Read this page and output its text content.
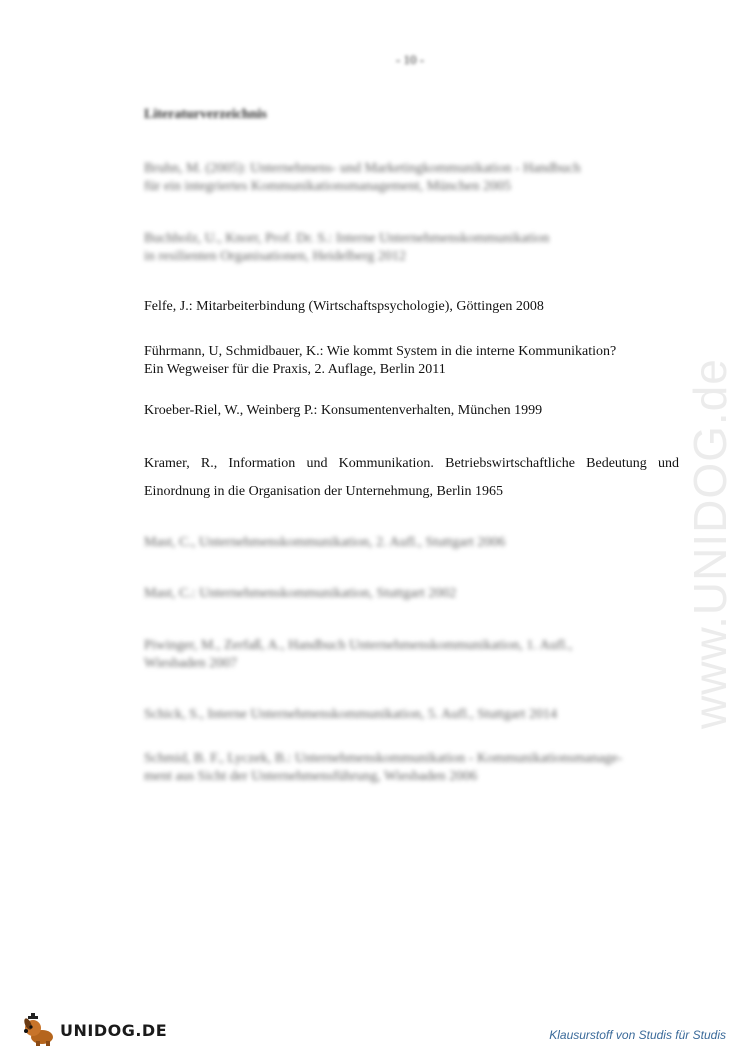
- 10 -
Literaturverzeichnis
Bruhn, M. (2005): Unternehmens- und Marketingkommunikation - Handbuch
für ein integriertes Kommunikationsmanagement, München 2005
Buchholz, U., Knorr, Prof. Dr. S.: Interne Unternehmenskommunikation
in resilienten Organisationen, Heidelberg 2012
Felfe, J.: Mitarbeiterbindung (Wirtschaftspsychologie), Göttingen 2008
Führmann, U, Schmidbauer, K.: Wie kommt System in die interne Kommunikation?
Ein Wegweiser für die Praxis, 2. Auflage, Berlin 2011
Kroeber-Riel, W., Weinberg P.: Konsumentenverhalten, München 1999
Kramer, R., Information und Kommunikation. Betriebswirtschaftliche Bedeutung und
Einordnung in die Organisation der Unternehmung, Berlin 1965
Mast, C., Unternehmenskommunikation, 2. Aufl., Stuttgart 2006
Mast, C.: Unternehmenskommunikation, Stuttgart 2002
Piwinger, M., Zerfaß, A., Handbuch Unternehmenskommunikation, 1. Aufl.,
Wiesbaden 2007
Schick, S., Interne Unternehmenskommunikation, 5. Aufl., Stuttgart 2014
Schmid, B. F., Lyczek, B.: Unternehmenskommunikation - Kommunikationsmanage-
ment aus Sicht der Unternehmensführung, Wiesbaden 2006
www.UNIDOG.de
UNIDOG.DE	Klausurstoff von Studis für Studis
